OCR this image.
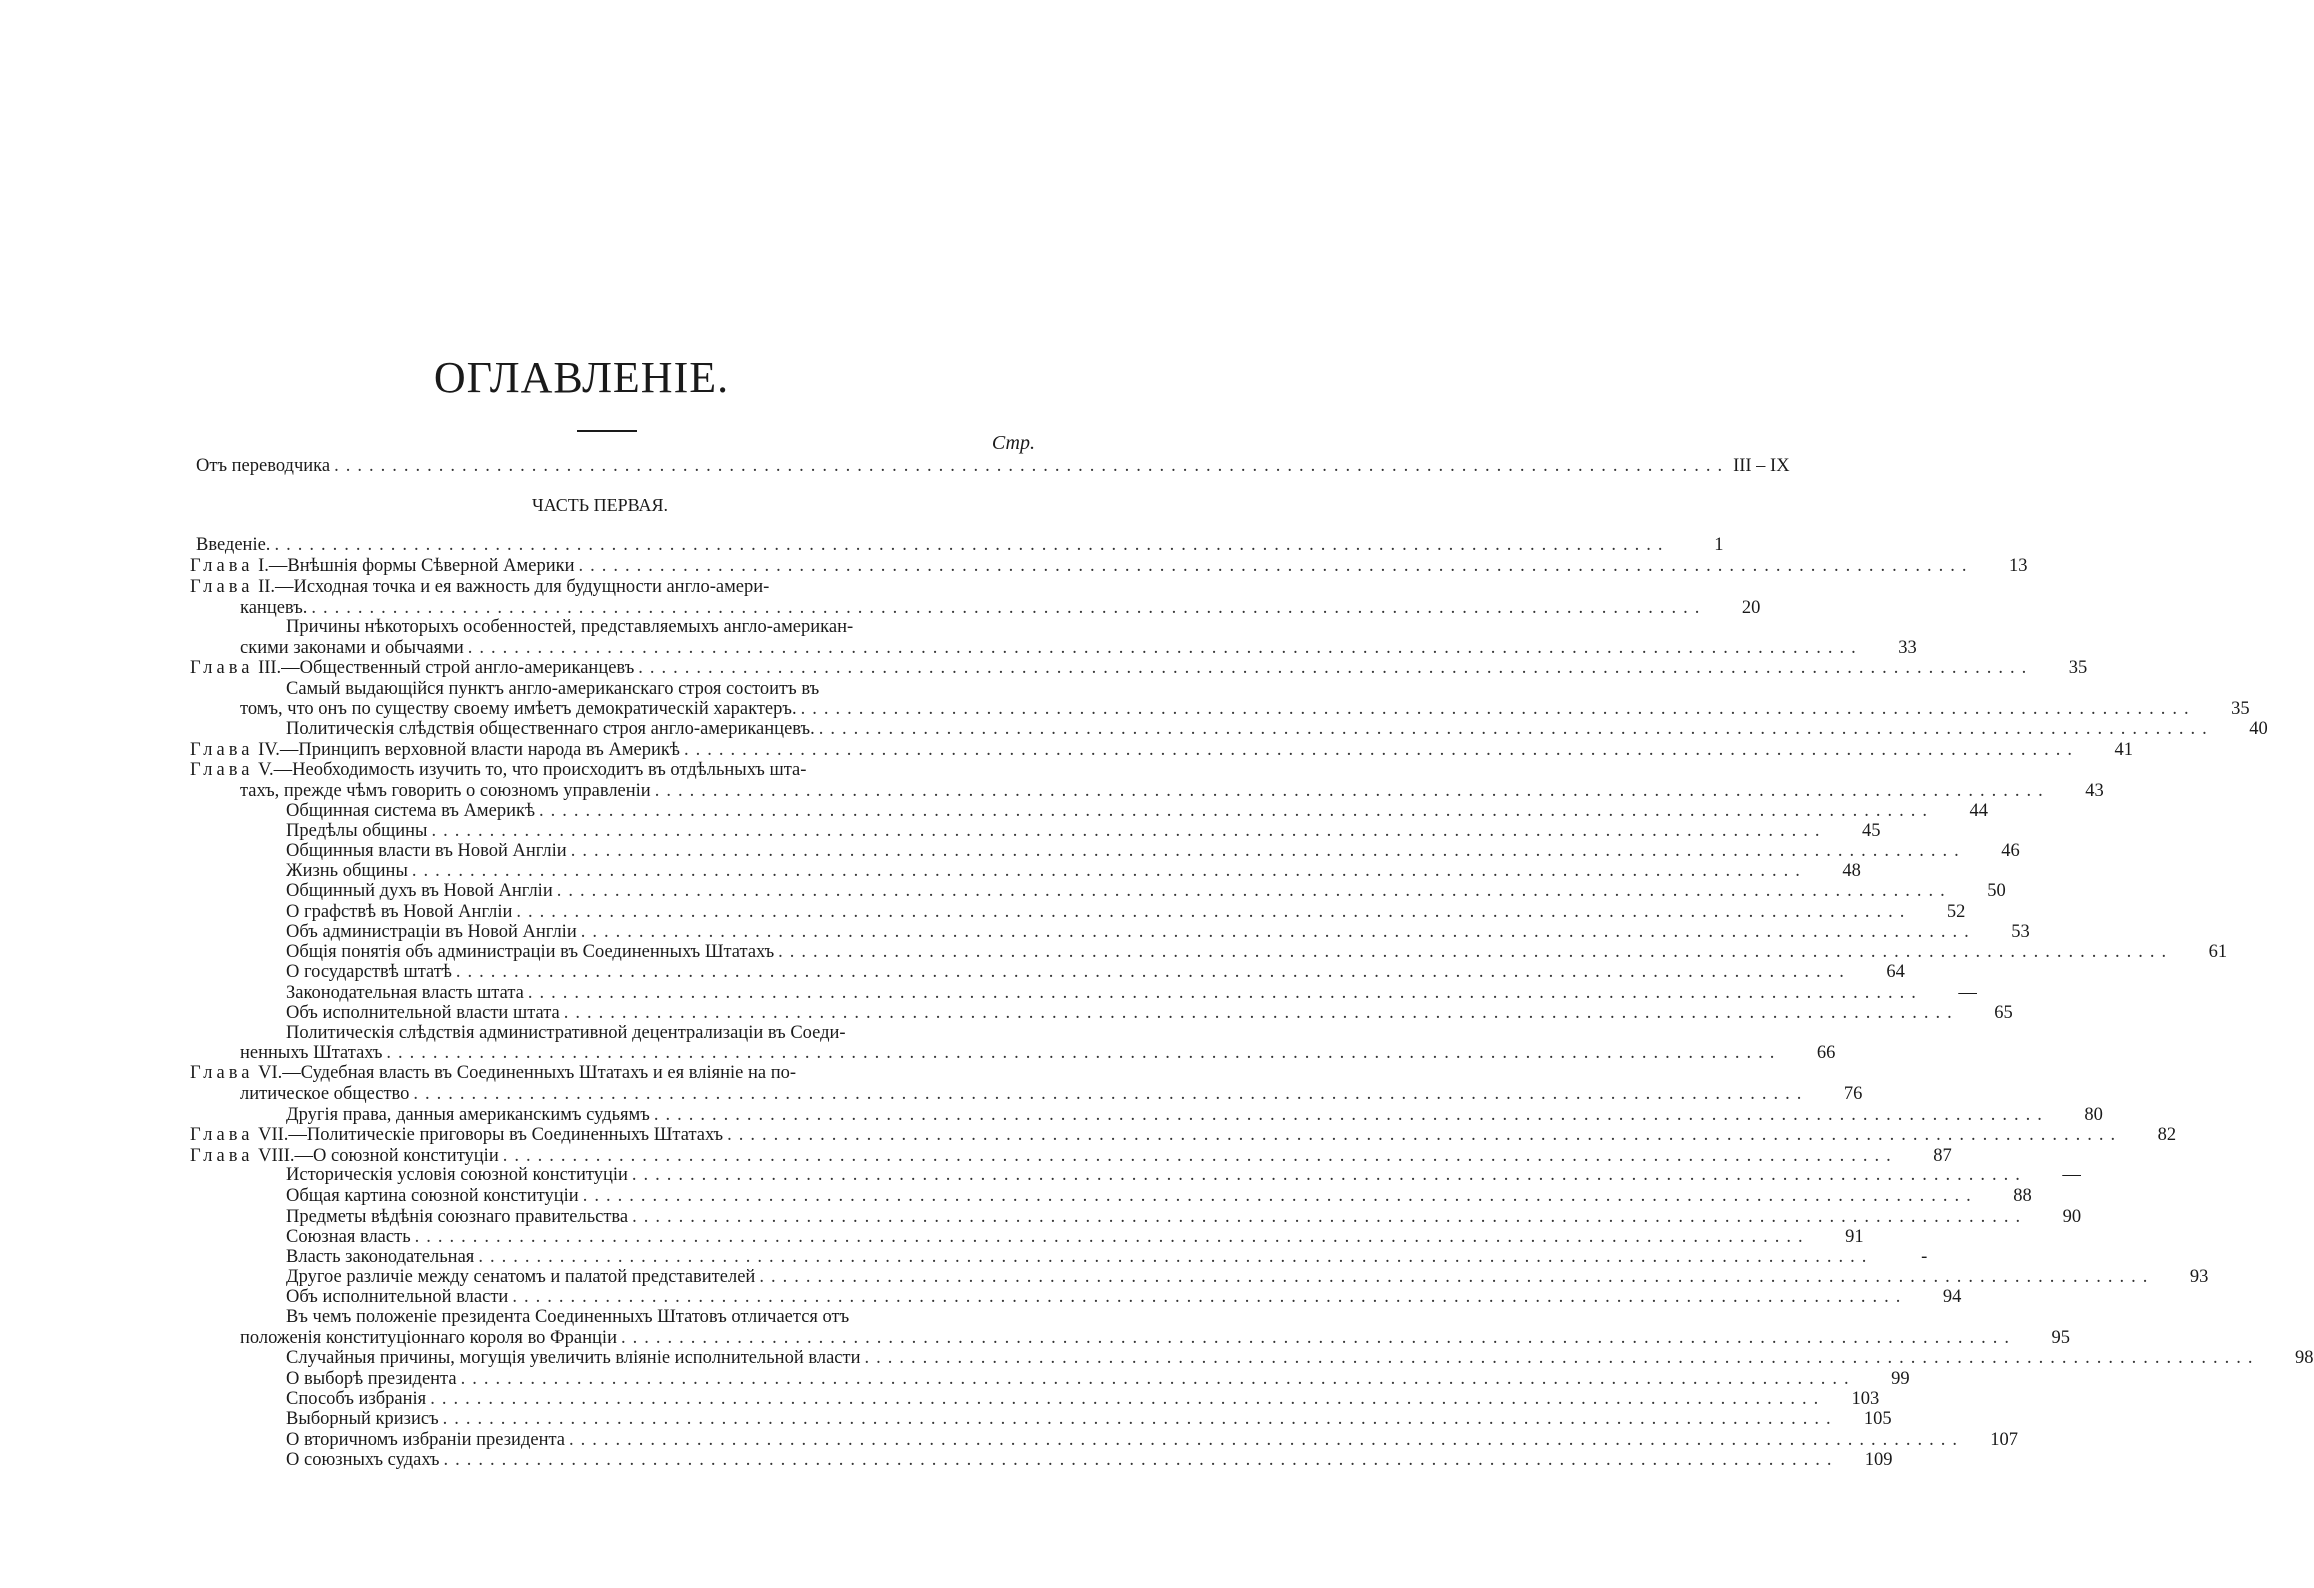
ОГЛАВЛЕНІЕ.
Стр.
ЧАСТЬ ПЕРВАЯ.
Отъ переводчика ........................................................................................................................ III – IX
Введеніе. ........................................................................................................................	1
Глава I.—Внѣшнія формы Сѣверной Америки ........................................................................................................................	13
Глава II.—Исходная точка и ея важность для будущности англо-амери-
канцевъ. ........................................................................................................................	20
Причины нѣкоторыхъ особенностей, представляемыхъ англо-американ-
скими законами и обычаями ........................................................................................................................	33
Глава III.—Общественный строй англо-американцевъ ........................................................................................................................	35
Самый выдающійся пунктъ англо-американскаго строя состоитъ въ
томъ, что онъ по существу своему имѣетъ демократическій характеръ. ........................................................................................................................	35
Политическія слѣдствія общественнаго строя англо-американцевъ. ........................................................................................................................	40
Глава IV.—Принципъ верховной власти народа въ Америкѣ ........................................................................................................................	41
Глава V.—Необходимость изучить то, что происходитъ въ отдѣльныхъ шта-
тахъ, прежде чѣмъ говорить о союзномъ управленіи ........................................................................................................................	43
Общинная система въ Америкѣ ........................................................................................................................	44
Предѣлы общины ........................................................................................................................	45
Общинныя власти въ Новой Англіи ........................................................................................................................	46
Жизнь общины ........................................................................................................................	48
Общинный духъ въ Новой Англіи ........................................................................................................................	50
О графствѣ въ Новой Англіи ........................................................................................................................	52
Объ администраціи въ Новой Англіи ........................................................................................................................	53
Общія понятія объ администраціи въ Соединенныхъ Штатахъ ........................................................................................................................	61
О государствѣ штатѣ ........................................................................................................................	64
Законодательная власть штата ........................................................................................................................	—
Объ исполнительной власти штата ........................................................................................................................	65
Политическія слѣдствія административной децентрализаціи въ Соеди-
ненныхъ Штатахъ ........................................................................................................................	66
Глава VI.—Судебная власть въ Соединенныхъ Штатахъ и ея вліяніе на по-
литическое общество ........................................................................................................................	76
Другія права, данныя американскимъ судьямъ ........................................................................................................................	80
Глава VII.—Политическіе приговоры въ Соединенныхъ Штатахъ ........................................................................................................................	82
Глава VIII.—О союзной конституціи ........................................................................................................................	87
Историческія условія союзной конституціи ........................................................................................................................	—
Общая картина союзной конституціи ........................................................................................................................	88
Предметы вѣдѣнія союзнаго правительства ........................................................................................................................	90
Союзная власть ........................................................................................................................	91
Власть законодательная ........................................................................................................................	-
Другое различіе между сенатомъ и палатой представителей ........................................................................................................................	93
Объ исполнительной власти ........................................................................................................................	94
Въ чемъ положеніе президента Соединенныхъ Штатовъ отличается отъ
положенія конституціоннаго короля во Франціи ........................................................................................................................	95
Случайныя причины, могущія увеличить вліяніе исполнительной власти ........................................................................................................................	98
О выборѣ президента ........................................................................................................................	99
Способъ избранія ........................................................................................................................	103
Выборный кризисъ ........................................................................................................................	105
О вторичномъ избраніи президента ........................................................................................................................	107
О союзныхъ судахъ ........................................................................................................................	109
